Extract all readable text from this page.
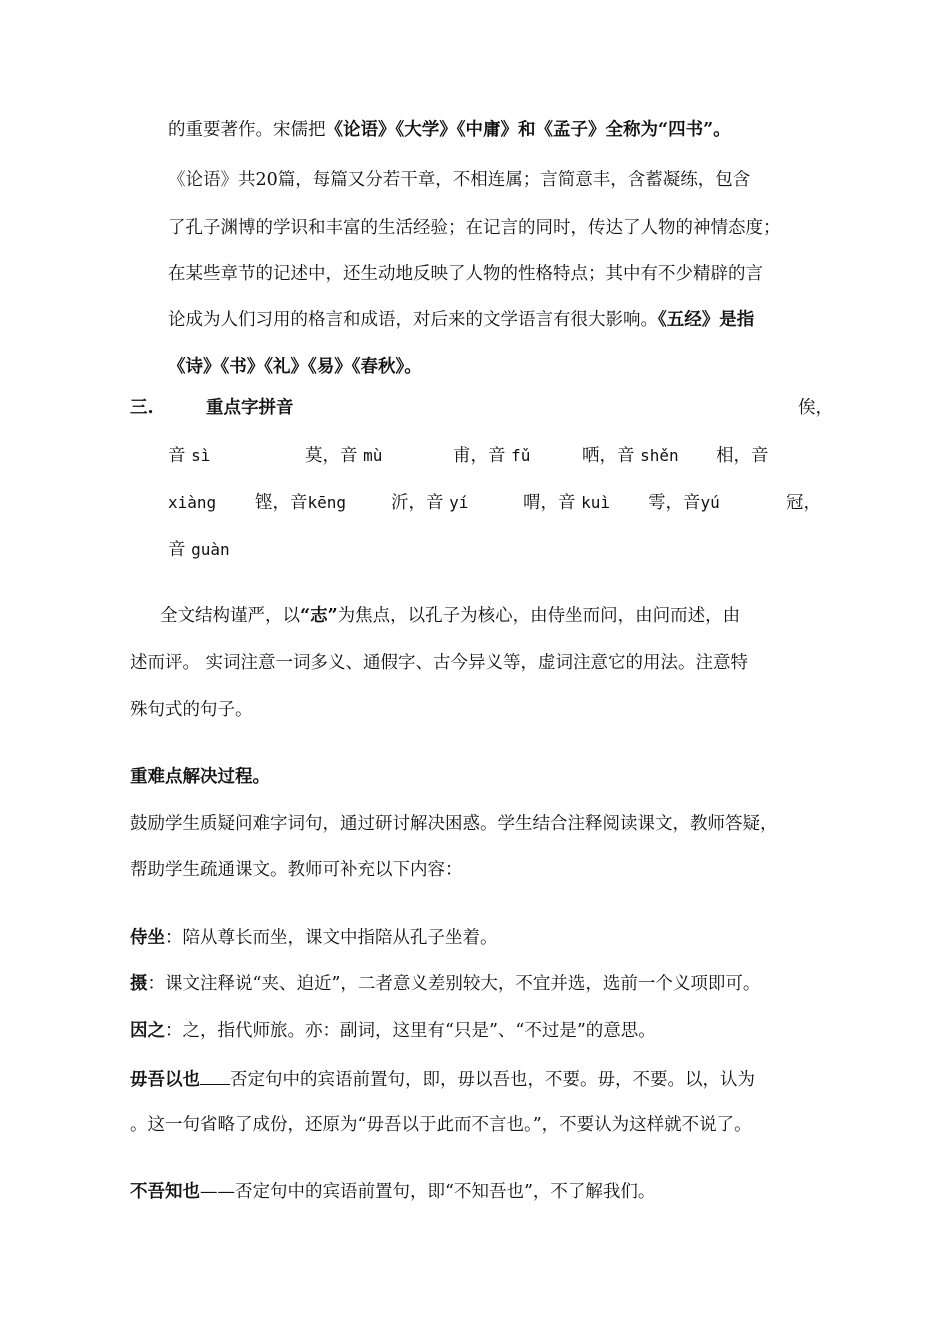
的重要著作。宋儒把《论语》《大学》《中庸》和《孟子》全称为“四书”。
《论语》共20篇，每篇又分若干章，不相连属；言简意丰，含蓄凝练，包含
了孔子渊博的学识和丰富的生活经验；在记言的同时，传达了人物的神情态度；
在某些章节的记述中，还生动地反映了人物的性格特点；其中有不少精辟的言
论成为人们习用的格言和成语，对后来的文学语言有很大影响。《五经》是指
《诗》《书》《礼》《易》《春秋》。
三.	重点字拼音	俟，
音 sì	莫，音 mù	甫，音 fǔ	哂，音 shěn 相，音
xiàng 铿，音kēng	沂，音 yí	喟，音 kuì 雩，音yú	冠，
音 guàn
全文结构谨严，以“志”为焦点，以孔子为核心，由侍坐而问，由问而述，由
述而评。 实词注意一词多义、通假字、古今异义等，虚词注意它的用法。注意特
殊句式的句子。
重难点解决过程。
鼓励学生质疑问难字词句，通过研讨解决困惑。学生结合注释阅读课文，教师答疑，
帮助学生疏通课文。教师可补充以下内容：
侍坐：陪从尊长而坐，课文中指陪从孔子坐着。
摄：课文注释说“夹、迫近”，二者意义差别较大，不宜并选，选前一个义项即可。
因之：之，指代师旅。亦：副词，这里有“只是”、“不过是”的意思。
毋吾以也 否定句中的宾语前置句，即，毋以吾也，不要。毋，不要。以，认为
。这一句省略了成份，还原为“毋吾以于此而不言也。”，不要认为这样就不说了。
不吾知也——否定句中的宾语前置句，即“不知吾也”，不了解我们。
